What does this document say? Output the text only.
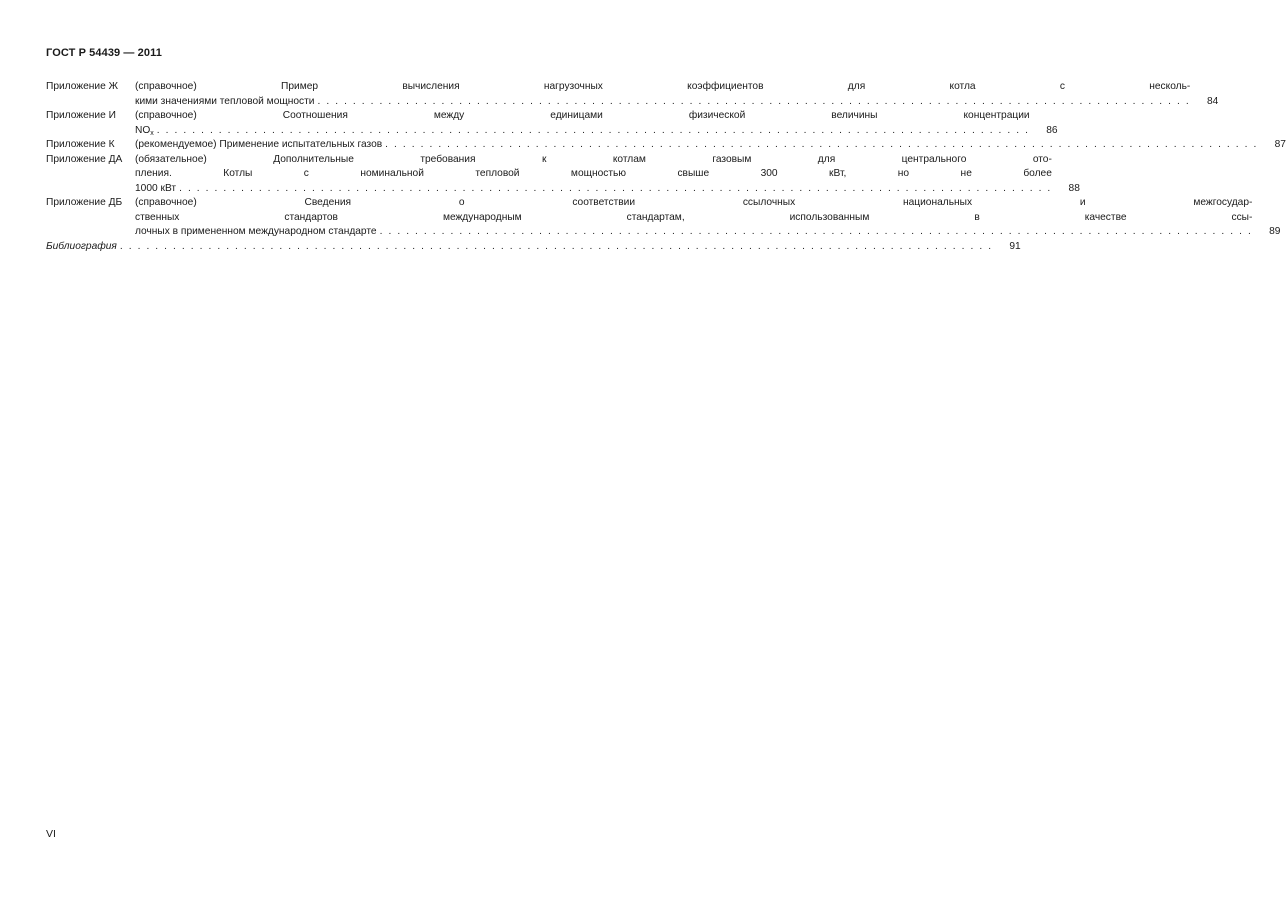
ГОСТ Р 54439 — 2011
Приложение Ж	(справочное) Пример вычисления нагрузочных коэффициентов для котла с несколь-
кими значениями тепловой мощности . . .	84
Приложение И	(справочное) Соотношения между единицами физической величины концентрации
$NO_x$ . . .	86
Приложение К	(рекомендуемое) Применение испытательных газов . . .	87
Приложение ДА	(обязательное) Дополнительные требования к котлам газовым для центрального ото-
пления. Котлы с номинальной тепловой мощностью свыше 300 кВт, но не более
1000 кВт . . .	88
Приложение ДБ	(справочное) Сведения о соответствии ссылочных национальных и межгосудар-
ственных стандартов международным стандартам, использованным в качестве ссы-
лочных в примененном международном стандарте . . .	89
Библиография . . .	91
VI
